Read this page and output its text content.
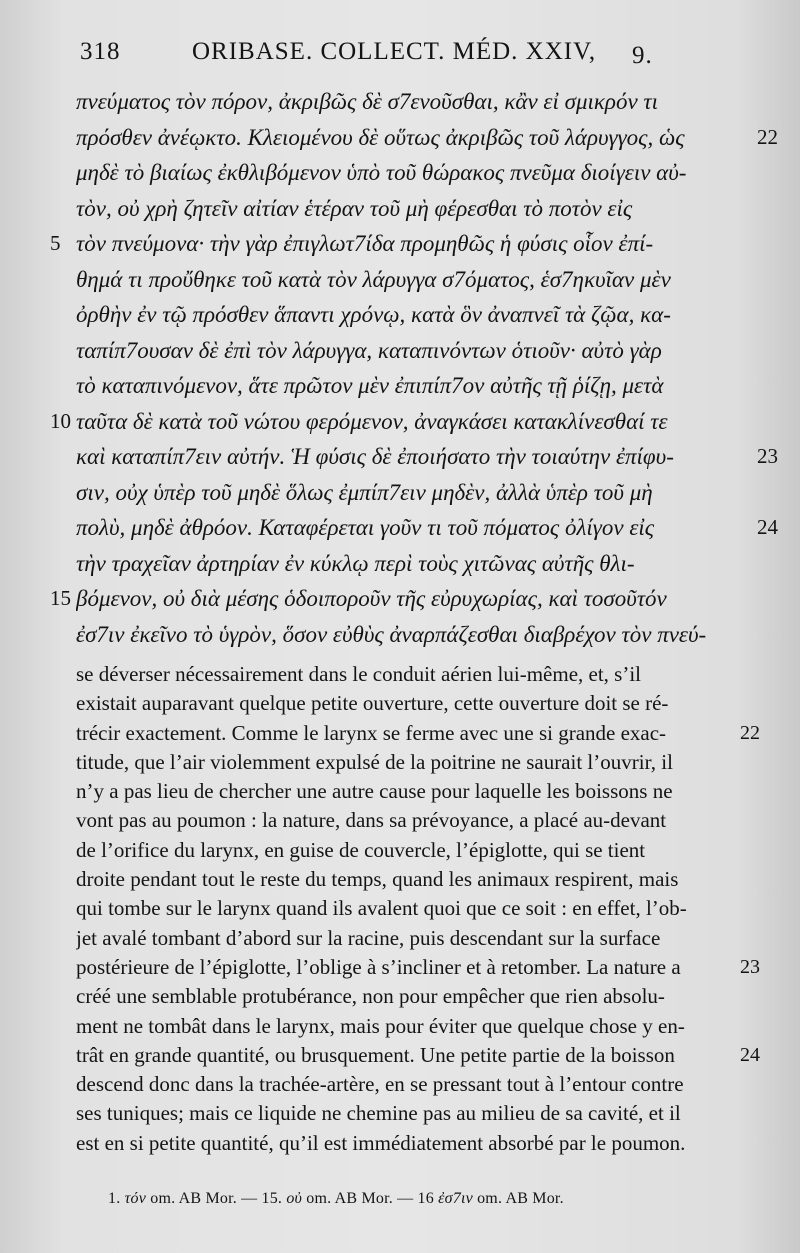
318	ORIBASE. COLLECT. MÉD. XXIV, 9.
πνεύματος τὸν πόρον, ἀκριβῶς δὲ σ7ενοῦσθαι, κἂν εἰ σμικρόν τι
πρόσθεν ἀνέῳκτο. Κλειομένου δὲ οὕτως ἀκριβῶς τοῦ λάρυγγος, ὡς	22
μηδὲ τὸ βιαίως ἐκθλιβόμενον ὑπὸ τοῦ θώρακος πνεῦμα διοίγειν αὐ-
τὸν, οὐ χρὴ ζητεῖν αἰτίαν ἑτέραν τοῦ μὴ φέρεσθαι τὸ ποτὸν εἰς
5 τὸν πνεύμονα· τὴν γὰρ ἐπιγλωτ7ίδα προμηθῶς ἡ φύσις οἷον ἐπί-
θημά τι προὔθηκε τοῦ κατὰ τὸν λάρυγγα σ7όματος, ἑσ7ηκυῖαν μὲν
ὀρθὴν ἐν τῷ πρόσθεν ἅπαντι χρόνῳ, κατὰ ὃν ἀναπνεῖ τὰ ζῷα, κα-
ταπίπ7ουσαν δὲ ἐπὶ τὸν λάρυγγα, καταπινόντων ὁτιοῦν· αὐτὸ γὰρ
τὸ καταπινόμενον, ἅτε πρῶτον μὲν ἐπιπίπ7ον αὐτῆς τῇ ῥίζῃ, μετὰ
10 ταῦτα δὲ κατὰ τοῦ νώτου φερόμενον, ἀναγκάσει κατακλίνεσθαί τε
καὶ καταπίπ7ειν αὐτήν. Ἡ φύσις δὲ ἐποιήσατο τὴν τοιαύτην ἐπίφυ-	23
σιν, οὐχ ὑπὲρ τοῦ μηδὲ ὅλως ἐμπίπ7ειν μηδὲν, ἀλλὰ ὑπὲρ τοῦ μὴ
πολὺ, μηδὲ ἀθρόον. Καταφέρεται γοῦν τι τοῦ πόματος ὀλίγον εἰς	24
τὴν τραχεῖαν ἀρτηρίαν ἐν κύκλῳ περὶ τοὺς χιτῶνας αὐτῆς θλι-
15 βόμενον, οὐ διὰ μέσης ὁδοιποροῦν τῆς εὐρυχωρίας, καὶ τοσοῦτόν
ἐσ7ιν ἐκεῖνο τὸ ὑγρὸν, ὅσον εὐθὺς ἀναρπάζεσθαι διαβρέχον τὸν πνεύ-
se déverser nécessairement dans le conduit aérien lui-même, et, s’il
existait auparavant quelque petite ouverture, cette ouverture doit se ré-
trécir exactement. Comme le larynx se ferme avec une si grande exac-	22
titude, que l’air violemment expulsé de la poitrine ne saurait l’ouvrir, il
n’y a pas lieu de chercher une autre cause pour laquelle les boissons ne
vont pas au poumon : la nature, dans sa prévoyance, a placé au-devant
de l’orifice du larynx, en guise de couvercle, l’épiglotte, qui se tient
droite pendant tout le reste du temps, quand les animaux respirent, mais
qui tombe sur le larynx quand ils avalent quoi que ce soit : en effet, l’ob-
jet avalé tombant d’abord sur la racine, puis descendant sur la surface
postérieure de l’épiglotte, l’oblige à s’incliner et à retomber. La nature a	23
créé une semblable protubérance, non pour empêcher que rien absolu-
ment ne tombât dans le larynx, mais pour éviter que quelque chose y en-
trât en grande quantité, ou brusquement. Une petite partie de la boisson	24
descend donc dans la trachée-artère, en se pressant tout à l’entour contre
ses tuniques; mais ce liquide ne chemine pas au milieu de sa cavité, et il
est en si petite quantité, qu’il est immédiatement absorbé par le poumon.
1. τόν om. AB Mor. — 15. οὐ om. AB Mor. — 16 ἐσ7ιν om. AB Mor.
